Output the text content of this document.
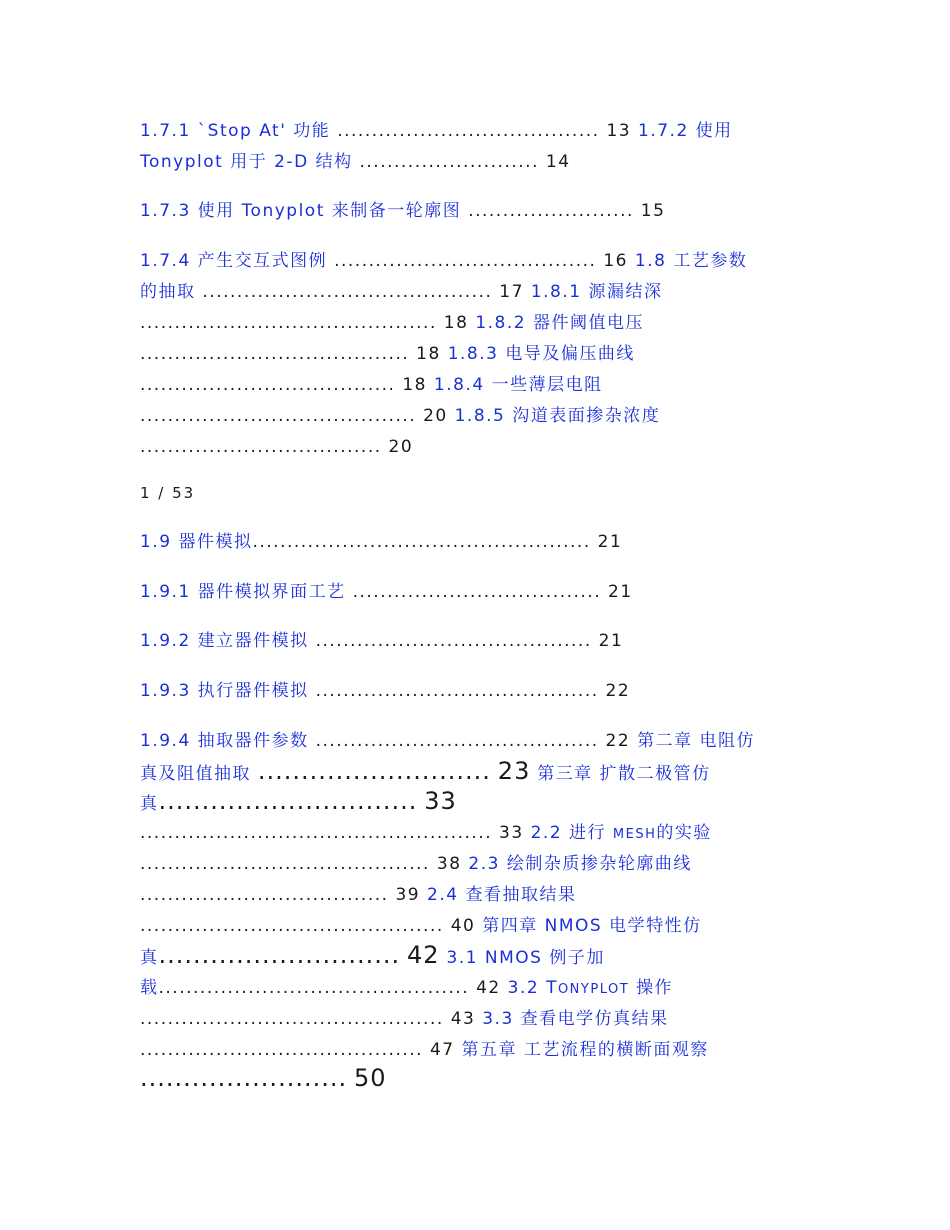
1.7.1 `Stop At' 功能 ...................................... 13 1.7.2 使用
Tonyplot 用于 2-D 结构 .......................... 14
1.7.3 使用 Tonyplot 来制备一轮廓图 ........................ 15
1.7.4 产生交互式图例 ...................................... 16 1.8 工艺参数
的抽取 .......................................... 17 1.8.1 源漏结深
........................................... 18 1.8.2 器件阈值电压
....................................... 18 1.8.3 电导及偏压曲线
..................................... 18 1.8.4 一些薄层电阻
........................................ 20 1.8.5 沟道表面掺杂浓度
................................... 20
1 / 53
1.9 器件模拟................................................. 21
1.9.1 器件模拟界面工艺 .................................... 21
1.9.2 建立器件模拟 ........................................ 21
1.9.3 执行器件模拟 ......................................... 22
1.9.4 抽取器件参数 ......................................... 22 第二章 电阻仿
真及阻值抽取 ........................... 23 第三章 扩散二极管仿
真.............................. 33
................................................... 33 2.2 进行 MESH的实验
.......................................... 38 2.3 绘制杂质掺杂轮廓曲线
.................................... 39 2.4 查看抽取结果
............................................ 40 第四章 NMOS 电学特性仿
真............................ 42 3.1 NMOS 例子加
载............................................. 42 3.2 TONYPLOT 操作
............................................ 43 3.3 查看电学仿真结果
......................................... 47 第五章 工艺流程的横断面观察
........................ 50
